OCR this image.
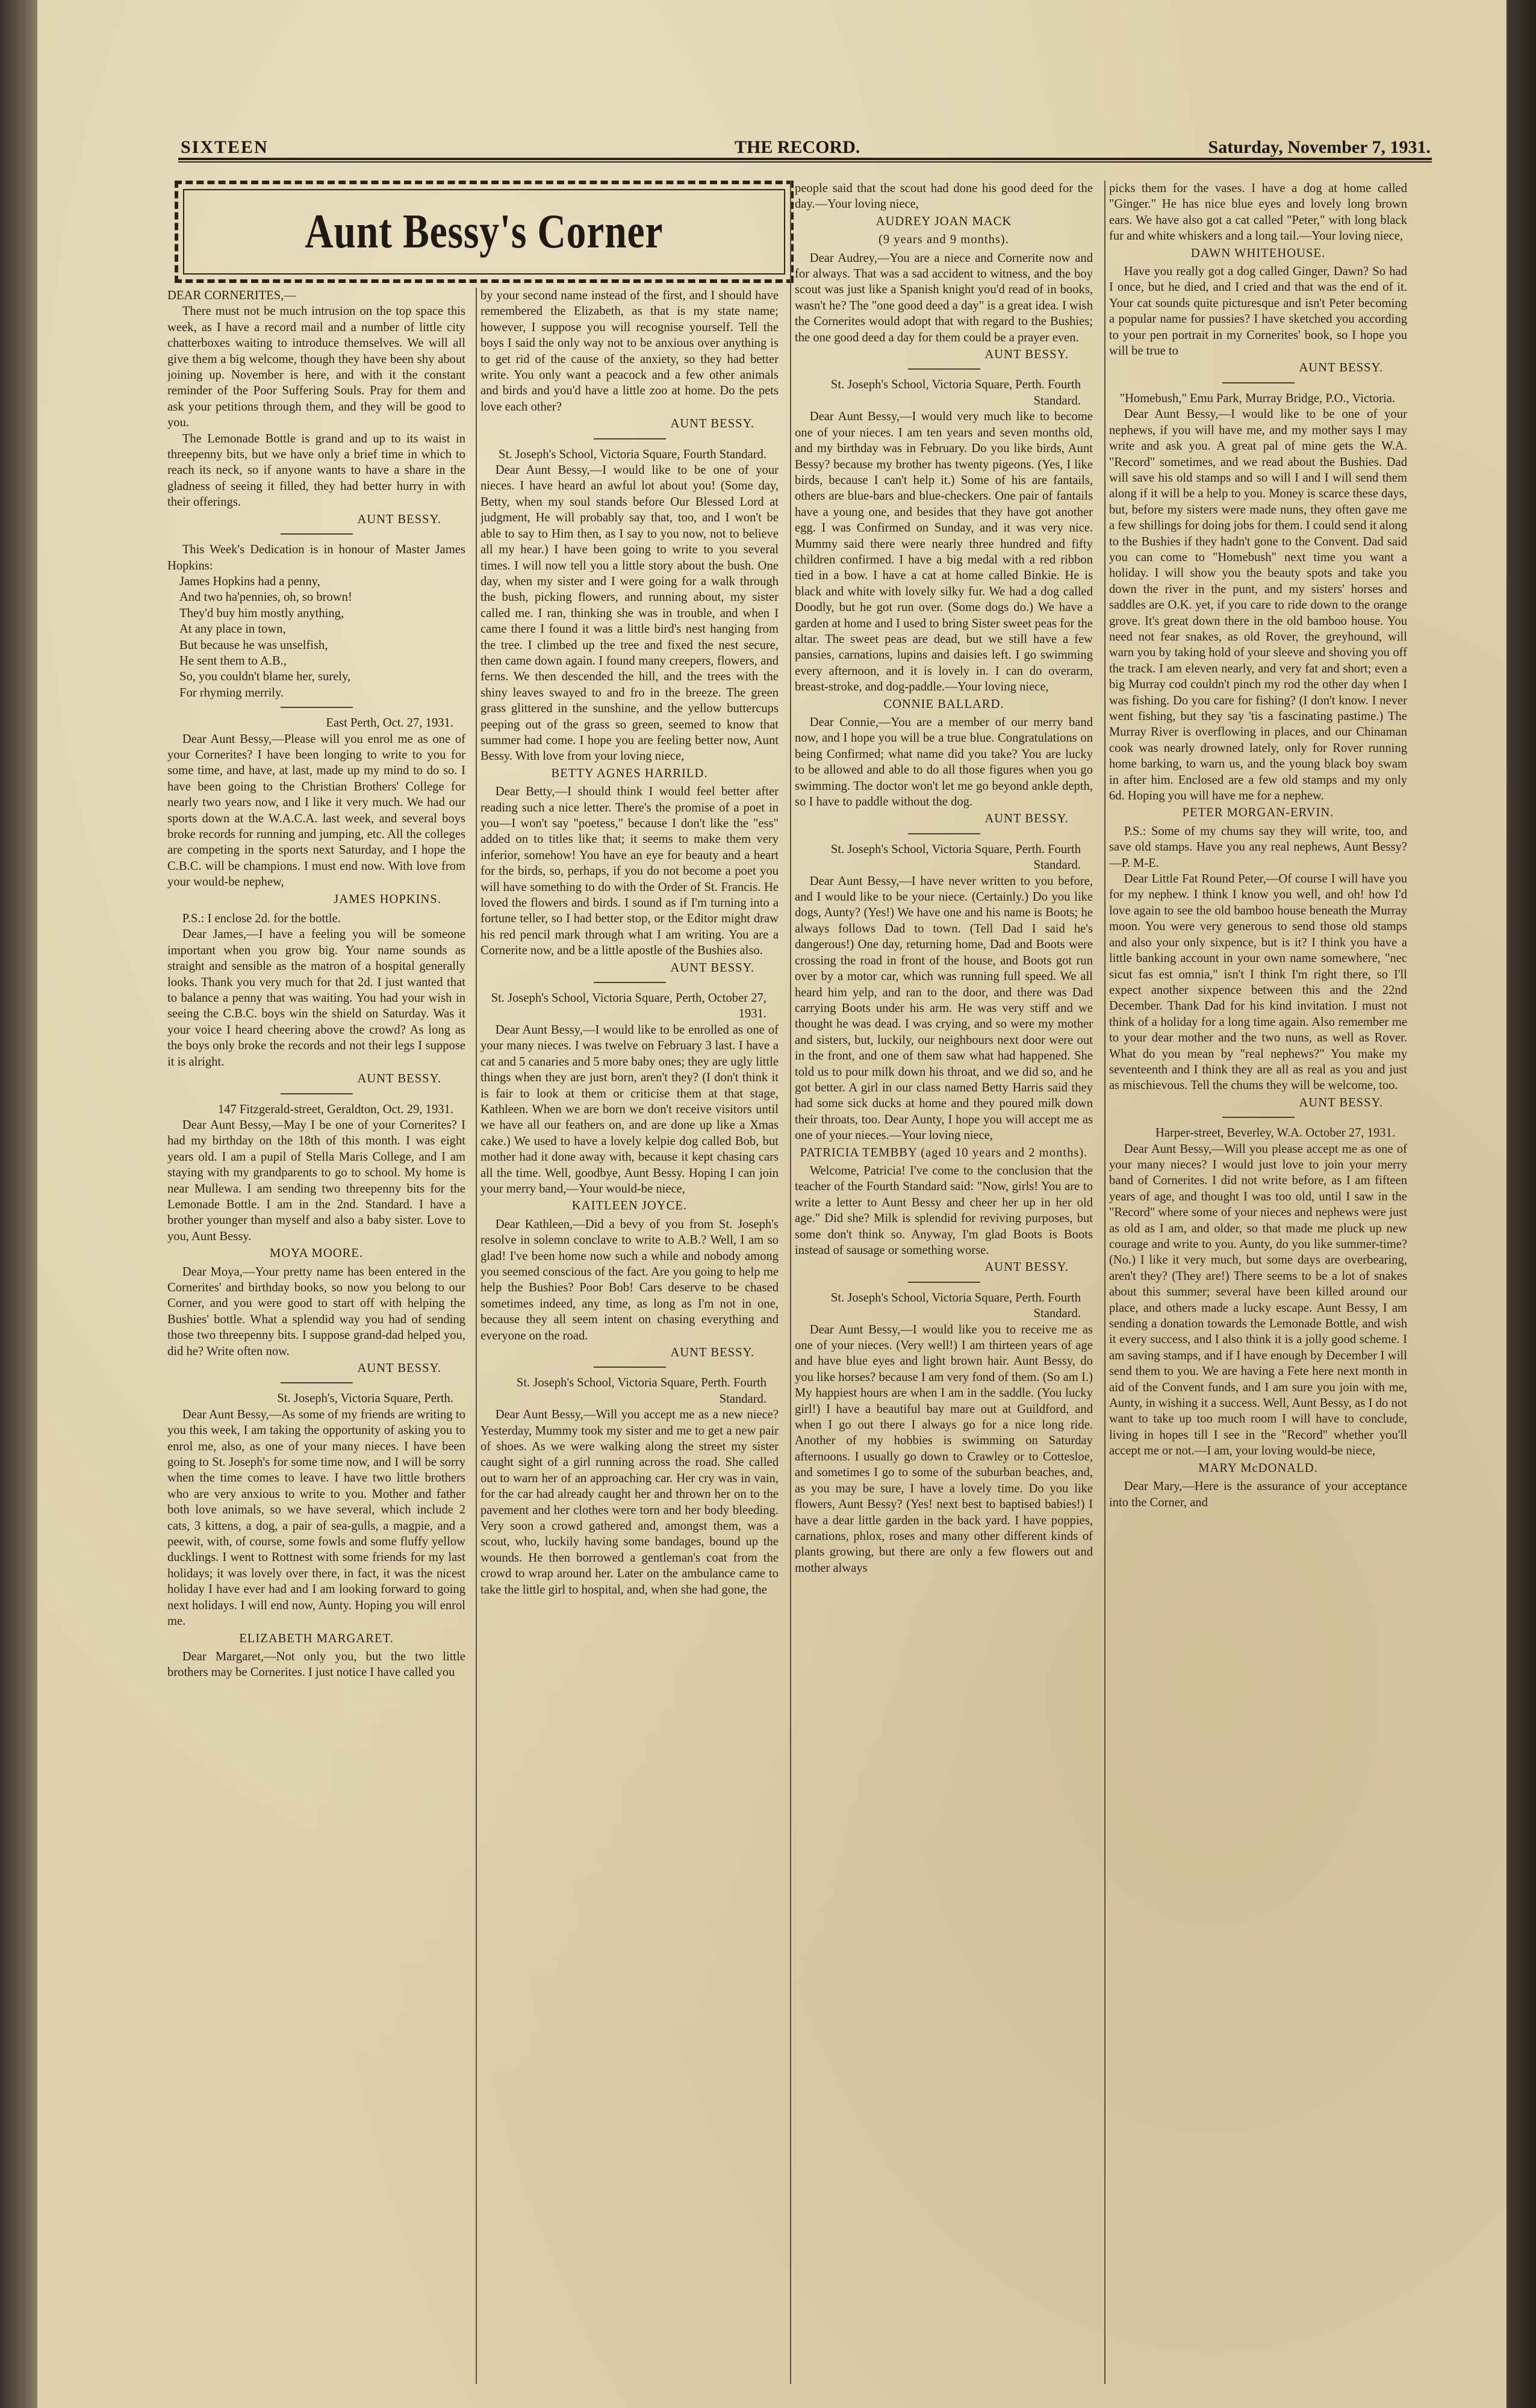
SIXTEEN	THE RECORD.	Saturday, November 7, 1931.
Aunt Bessy's Corner
DEAR CORNERITES,—

There must not be much intrusion on the top space this week, as I have a record mail and a number of little city chatterboxes waiting to introduce themselves. We will all give them a big welcome, though they have been shy about joining up. November is here, and with it the constant reminder of the Poor Suffering Souls. Pray for them and ask your petitions through them, and they will be good to you.

The Lemonade Bottle is grand and up to its waist in threepenny bits, but we have only a brief time in which to reach its neck, so if anyone wants to have a share in the gladness of seeing it filled, they had better hurry in with their offerings.

AUNT BESSY.

This Week's Dedication is in honour of Master James Hopkins:

James Hopkins had a penny,
And two ha'pennies, oh, so brown!
They'd buy him mostly anything,
At any place in town,
But because he was unselfish,
He sent them to A.B.,
So, you couldn't blame her, surely,
For rhyming merrily.
East Perth, Oct. 27, 1931.

Dear Aunt Bessy,—Please will you enrol me as one of your Cornerites? I have been longing to write to you for some time, and have, at last, made up my mind to do so. I have been going to the Christian Brothers' College for nearly two years now, and I like it very much. We had our sports down at the W.A.C.A. last week, and several boys broke records for running and jumping, etc. All the colleges are competing in the sports next Saturday, and I hope the C.B.C. will be champions. I must end now. With love from your would-be nephew,

JAMES HOPKINS.

P.S.: I enclose 2d. for the bottle.

Dear James,—I have a feeling you will be someone important when you grow big. Your name sounds as straight and sensible as the matron of a hospital generally looks. Thank you very much for that 2d. I just wanted that to balance a penny that was waiting. You had your wish in seeing the C.B.C. boys win the shield on Saturday. Was it your voice I heard cheering above the crowd? As long as the boys only broke the records and not their legs I suppose it is alright.

AUNT BESSY.
147 Fitzgerald-street, Geraldton, Oct. 29, 1931.

Dear Aunt Bessy,—May I be one of your Cornerites? I had my birthday on the 18th of this month. I was eight years old. I am a pupil of Stella Maris College, and I am staying with my grandparents to go to school. My home is near Mullewa. I am sending two threepenny bits for the Lemonade Bottle. I am in the 2nd. Standard. I have a brother younger than myself and also a baby sister. Love to you, Aunt Bessy.

MOYA MOORE.

Dear Moya,—Your pretty name has been entered in the Cornerites' and birthday books, so now you belong to our Corner, and you were good to start off with helping the Bushies' bottle. What a splendid way you had of sending those two threepenny bits. I suppose grand-dad helped you, did he? Write often now.

AUNT BESSY.
St. Joseph's, Victoria Square, Perth.

Dear Aunt Bessy,—As some of my friends are writing to you this week, I am taking the opportunity of asking you to enrol me, also, as one of your many nieces. I have been going to St. Joseph's for some time now, and I will be sorry when the time comes to leave. I have two little brothers who are very anxious to write to you. Mother and father both love animals, so we have several, which include 2 cats, 3 kittens, a dog, a pair of sea-gulls, a magpie, and a peewit, with, of course, some fowls and some fluffy yellow ducklings. I went to Rottnest with some friends for my last holidays; it was lovely over there, in fact, it was the nicest holiday I have ever had and I am looking forward to going next holidays. I will end now, Aunty. Hoping you will enrol me.

ELIZABETH MARGARET.

Dear Margaret,—Not only you, but the two little brothers may be Cornerites. I just notice I have called you

by your second name instead of the first, and I should have remembered the Elizabeth, as that is my state name; however, I suppose you will recognise yourself. Tell the boys I said the only way not to be anxious over anything is to get rid of the cause of the anxiety, so they had better write. You only want a peacock and a few other animals and birds and you'd have a little zoo at home. Do the pets love each other?

AUNT BESSY.
St. Joseph's School, Victoria Square, Fourth Standard.

Dear Aunt Bessy,—I would like to be one of your nieces. I have heard an awful lot about you! (Some day, Betty, when my soul stands before Our Blessed Lord at judgment, He will probably say that, too, and I won't be able to say to Him then, as I say to you now, not to believe all my hear.) I have been going to write to you several times. I will now tell you a little story about the bush. One day, when my sister and I were going for a walk through the bush, picking flowers, and running about, my sister called me. I ran, thinking she was in trouble, and when I came there I found it was a little bird's nest hanging from the tree. I climbed up the tree and fixed the nest secure, then came down again. I found many creepers, flowers, and ferns. We then descended the hill, and the trees with the shiny leaves swayed to and fro in the breeze. The green grass glittered in the sunshine, and the yellow buttercups peeping out of the grass so green, seemed to know that summer had come. I hope you are feeling better now, Aunt Bessy. With love from your loving niece,

BETTY AGNES HARRILD.

Dear Betty,—I should think I would feel better after reading such a nice letter. There's the promise of a poet in you—I won't say "poetess," because I don't like the "ess" added on to titles like that; it seems to make them very inferior, somehow! You have an eye for beauty and a heart for the birds, so, perhaps, if you do not become a poet you will have something to do with the Order of St. Francis. He loved the flowers and birds. I sound as if I'm turning into a fortune teller, so I had better stop, or the Editor might draw his red pencil mark through what I am writing. You are a Cornerite now, and be a little apostle of the Bushies also.

AUNT BESSY.
St. Joseph's School, Victoria Square, Perth, October 27, 1931.

Dear Aunt Bessy,—I would like to be enrolled as one of your many nieces. I was twelve on February 3 last. I have a cat and 5 canaries and 5 more baby ones; they are ugly little things when they are just born, aren't they? (I don't think it is fair to look at them or criticise them at that stage, Kathleen. When we are born we don't receive visitors until we have all our feathers on, and are done up like a Xmas cake.) We used to have a lovely kelpie dog called Bob, but mother had it done away with, because it kept chasing cars all the time. Well, goodbye, Aunt Bessy. Hoping I can join your merry band,—Your would-be niece,

KAITLEEN JOYCE.

Dear Kathleen,—Did a bevy of you from St. Joseph's resolve in solemn conclave to write to A.B.? Well, I am so glad! I've been home now such a while and nobody among you seemed conscious of the fact. Are you going to help me help the Bushies? Poor Bob! Cars deserve to be chased sometimes indeed, any time, as long as I'm not in one, because they all seem intent on chasing everything and everyone on the road.

AUNT BESSY.
St. Joseph's School, Victoria Square, Perth. Fourth Standard.

Dear Aunt Bessy,—Will you accept me as a new niece? Yesterday, Mummy took my sister and me to get a new pair of shoes. As we were walking along the street my sister caught sight of a girl running across the road. She called out to warn her of an approaching car. Her cry was in vain, for the car had already caught her and thrown her on to the pavement and her clothes were torn and her body bleeding. Very soon a crowd gathered and, amongst them, was a scout, who, luckily having some bandages, bound up the wounds. He then borrowed a gentleman's coat from the crowd to wrap around her. Later on the ambulance came to take the little girl to hospital, and, when she had gone, the

people said that the scout had done his good deed for the day.—Your loving niece,

AUDREY JOAN MACK
(9 years and 9 months).

Dear Audrey,—You are a niece and Cornerite now and for always. That was a sad accident to witness, and the boy scout was just like a Spanish knight you'd read of in books, wasn't he? The "one good deed a day" is a great idea. I wish the Cornerites would adopt that with regard to the Bushies; the one good deed a day for them could be a prayer even.

AUNT BESSY.
St. Joseph's School, Victoria Square, Perth. Fourth Standard.

Dear Aunt Bessy,—I would very much like to become one of your nieces. I am ten years and seven months old, and my birthday was in February. Do you like birds, Aunt Bessy? because my brother has twenty pigeons. (Yes, I like birds, because I can't help it.) Some of his are fantails, others are blue-bars and blue-checkers. One pair of fantails have a young one, and besides that they have got another egg. I was Confirmed on Sunday, and it was very nice. Mummy said there were nearly three hundred and fifty children confirmed. I have a big medal with a red ribbon tied in a bow. I have a cat at home called Binkie. He is black and white with lovely silky fur. We had a dog called Doodly, but he got run over. (Some dogs do.) We have a garden at home and I used to bring Sister sweet peas for the altar. The sweet peas are dead, but we still have a few pansies, carnations, lupins and daisies left. I go swimming every afternoon, and it is lovely in. I can do overarm, breast-stroke, and dog-paddle.—Your loving niece,

CONNIE BALLARD.

Dear Connie,—You are a member of our merry band now, and I hope you will be a true blue. Congratulations on being Confirmed; what name did you take? You are lucky to be allowed and able to do all those figures when you go swimming. The doctor won't let me go beyond ankle depth, so I have to paddle without the dog.

AUNT BESSY.
St. Joseph's School, Victoria Square, Perth. Fourth Standard.

Dear Aunt Bessy,—I have never written to you before, and I would like to be your niece. (Certainly.) Do you like dogs, Aunty? (Yes!) We have one and his name is Boots; he always follows Dad to town. (Tell Dad I said he's dangerous!) One day, returning home, Dad and Boots were crossing the road in front of the house, and Boots got run over by a motor car, which was running full speed. We all heard him yelp, and ran to the door, and there was Dad carrying Boots under his arm. He was very stiff and we thought he was dead. I was crying, and so were my mother and sisters, but, luckily, our neighbours next door were out in the front, and one of them saw what had happened. She told us to pour milk down his throat, and we did so, and he got better. A girl in our class named Betty Harris said they had some sick ducks at home and they poured milk down their throats, too. Dear Aunty, I hope you will accept me as one of your nieces.—Your loving niece,

PATRICIA TEMBBY (aged 10 years and 2 months).

Welcome, Patricia! I've come to the conclusion that the teacher of the Fourth Standard said: "Now, girls! You are to write a letter to Aunt Bessy and cheer her up in her old age." Did she? Milk is splendid for reviving purposes, but some don't think so. Anyway, I'm glad Boots is Boots instead of sausage or something worse.

AUNT BESSY.
St. Joseph's School, Victoria Square, Perth. Fourth Standard.

Dear Aunt Bessy,—I would like you to receive me as one of your nieces. (Very well!) I am thirteen years of age and have blue eyes and light brown hair. Aunt Bessy, do you like horses? because I am very fond of them. (So am I.) My happiest hours are when I am in the saddle. (You lucky girl!) I have a beautiful bay mare out at Guildford, and when I go out there I always go for a nice long ride. Another of my hobbies is swimming on Saturday afternoons. I usually go down to Crawley or to Cottesloe, and sometimes I go to some of the suburban beaches, and, as you may be sure, I have a lovely time. Do you like flowers, Aunt Bessy? (Yes! next best to baptised babies!) I have a dear little garden in the back yard. I have poppies, carnations, phlox, roses and many other different kinds of plants growing, but there are only a few flowers out and mother always

picks them for the vases. I have a dog at home called "Ginger." He has nice blue eyes and lovely long brown ears. We have also got a cat called "Peter," with long black fur and white whiskers and a long tail.—Your loving niece,

DAWN WHITEHOUSE.

Have you really got a dog called Ginger, Dawn? So had I once, but he died, and I cried and that was the end of it. Your cat sounds quite picturesque and isn't Peter becoming a popular name for pussies? I have sketched you according to your pen portrait in my Cornerites' book, so I hope you will be true to

AUNT BESSY.
"Homebush," Emu Park, Murray Bridge, P.O., Victoria.

Dear Aunt Bessy,—I would like to be one of your nephews, if you will have me, and my mother says I may write and ask you. A great pal of mine gets the W.A. "Record" sometimes, and we read about the Bushies. Dad will save his old stamps and so will I and I will send them along if it will be a help to you. Money is scarce these days, but, before my sisters were made nuns, they often gave me a few shillings for doing jobs for them. I could send it along to the Bushies if they hadn't gone to the Convent. Dad said you can come to "Homebush" next time you want a holiday. I will show you the beauty spots and take you down the river in the punt, and my sisters' horses and saddles are O.K. yet, if you care to ride down to the orange grove. It's great down there in the old bamboo house. You need not fear snakes, as old Rover, the greyhound, will warn you by taking hold of your sleeve and shoving you off the track. I am eleven nearly, and very fat and short; even a big Murray cod couldn't pinch my rod the other day when I was fishing. Do you care for fishing? (I don't know. I never went fishing, but they say 'tis a fascinating pastime.) The Murray River is overflowing in places, and our Chinaman cook was nearly drowned lately, only for Rover running home barking, to warn us, and the young black boy swam in after him. Enclosed are a few old stamps and my only 6d. Hoping you will have me for a nephew.

PETER MORGAN-ERVIN.

P.S.: Some of my chums say they will write, too, and save old stamps. Have you any real nephews, Aunt Bessy?—P. M-E.

Dear Little Fat Round Peter,—Of course I will have you for my nephew. I think I know you well, and oh! how I'd love again to see the old bamboo house beneath the Murray moon. You were very generous to send those old stamps and also your only sixpence, but is it? I think you have a little banking account in your own name somewhere, "nec sicut fas est omnia," isn't I think I'm right there, so I'll expect another sixpence between this and the 22nd December. Thank Dad for his kind invitation. I must not think of a holiday for a long time again. Also remember me to your dear mother and the two nuns, as well as Rover. What do you mean by "real nephews?" You make my seventeenth and I think they are all as real as you and just as mischievous. Tell the chums they will be welcome, too.

AUNT BESSY.
Harper-street, Beverley, W.A. October 27, 1931.

Dear Aunt Bessy,—Will you please accept me as one of your many nieces? I would just love to join your merry band of Cornerites. I did not write before, as I am fifteen years of age, and thought I was too old, until I saw in the "Record" where some of your nieces and nephews were just as old as I am, and older, so that made me pluck up new courage and write to you. Aunty, do you like summer-time? (No.) I like it very much, but some days are overbearing, aren't they? (They are!) There seems to be a lot of snakes about this summer; several have been killed around our place, and others made a lucky escape. Aunt Bessy, I am sending a donation towards the Lemonade Bottle, and wish it every success, and I also think it is a jolly good scheme. I am saving stamps, and if I have enough by December I will send them to you. We are having a Fete here next month in aid of the Convent funds, and I am sure you join with me, Aunty, in wishing it a success. Well, Aunt Bessy, as I do not want to take up too much room I will have to conclude, living in hopes till I see in the "Record" whether you'll accept me or not.—I am, your loving would-be niece,

MARY McDONALD.

Dear Mary,—Here is the assurance of your acceptance into the Corner, and
